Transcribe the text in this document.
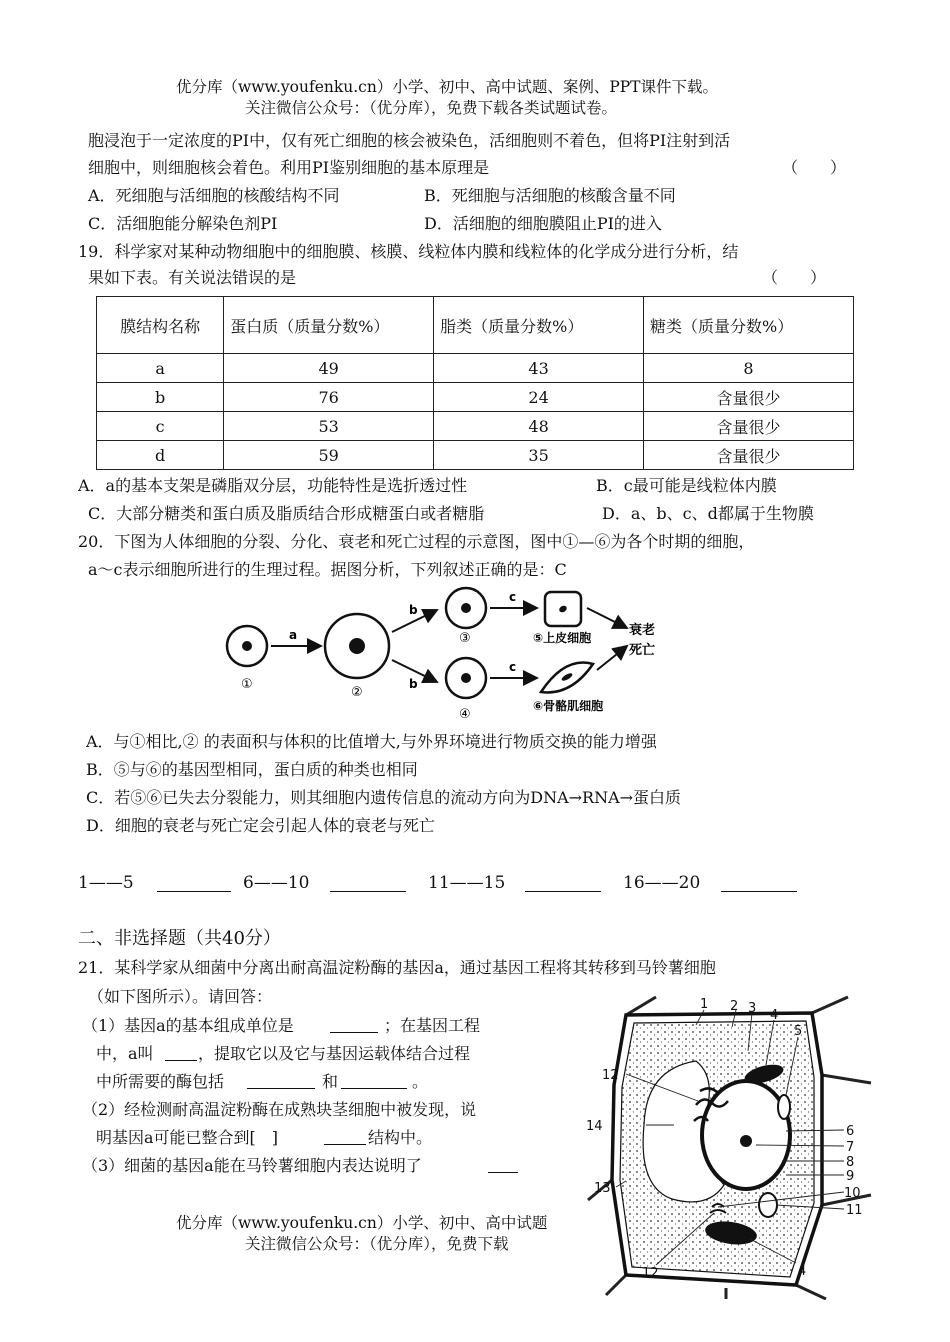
优分库（www.youfenku.cn）小学、初中、高中试题、案例、PPT课件下载。
关注微信公众号：（优分库），免费下载各类试题试卷。
胞浸泡于一定浓度的PI中，仅有死亡细胞的核会被染色，活细胞则不着色，但将PI注射到活
细胞中，则细胞核会着色。利用PI鉴别细胞的基本原理是	（　　）
A．死细胞与活细胞的核酸结构不同	B．死细胞与活细胞的核酸含量不同
C．活细胞能分解染色剂PI	D．活细胞的细胞膜阻止PI的进入
19．科学家对某种动物细胞中的细胞膜、核膜、线粒体内膜和线粒体的化学成分进行分析，结
果如下表。有关说法错误的是	（　　）
膜结构名称	蛋白质（质量分数%）	脂类（质量分数%）	糖类（质量分数%）
a	49	43	8
b	76	24	含量很少
c	53	48	含量很少
d	59	35	含量很少
A．a的基本支架是磷脂双分层，功能特性是选折透过性	B．c最可能是线粒体内膜
C．大部分糖类和蛋白质及脂质结合形成糖蛋白或者糖脂	D．a、b、c、d都属于生物膜
20．下图为人体细胞的分裂、分化、衰老和死亡过程的示意图，图中①—⑥为各个时期的细胞，
a～c表示细胞所进行的生理过程。据图分析，下列叙述正确的是：C
①
a
②
b
b
③
④
c
c
⑤上皮细胞
⑥骨骼肌细胞
衰老
死亡
A．与①相比,② 的表面积与体积的比值增大,与外界环境进行物质交换的能力增强
B．⑤与⑥的基因型相同，蛋白质的种类也相同
C．若⑤⑥已失去分裂能力，则其细胞内遗传信息的流动方向为DNA→RNA→蛋白质
D．细胞的衰老与死亡定会引起人体的衰老与死亡
1——5	6——10	11——15	16——20
二、非选择题（共40分）
21．某科学家从细菌中分离出耐高温淀粉酶的基因a，通过基因工程将其转移到马铃薯细胞
（如下图所示）。请回答：
（1）基因a的基本组成单位是	；在基因工程
中，a叫	，提取它以及它与基因运载体结合过程
中所需要的酶包括	和	。
（2）经检测耐高温淀粉酶在成熟块茎细胞中被发现，说
明基因a可能已整合到[　]	结构中。
（3）细菌的基因a能在马铃薯细胞内表达说明了
1 2 3 4
5
6
7
8
9
10
11
12
13
14
12	4
优分库（www.youfenku.cn）小学、初中、高中试题
关注微信公众号：（优分库），免费下载
